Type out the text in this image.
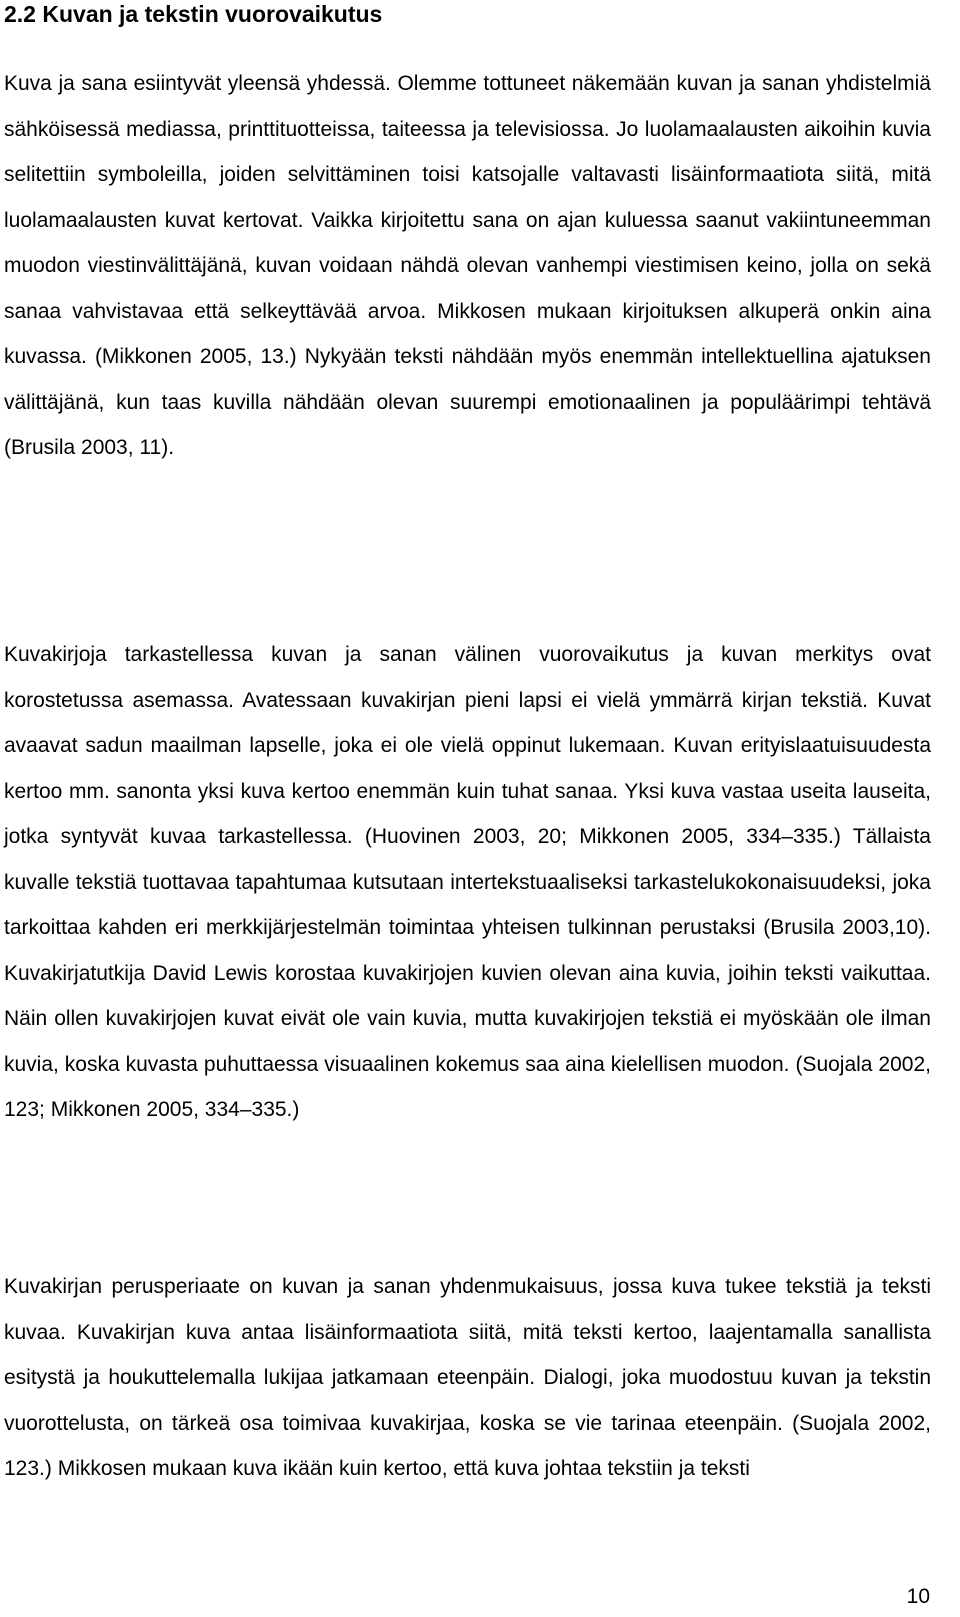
2.2 Kuvan ja tekstin vuorovaikutus

Kuva ja sana esiintyvät yleensä yhdessä. Olemme tottuneet näkemään kuvan ja sanan yhdistelmiä sähköisessä mediassa, printtituotteissa, taiteessa ja televisiossa. Jo luolamaalausten aikoihin kuvia selitettiin symboleilla, joiden selvittäminen toisi katsojalle valtavasti lisäinformaatiota siitä, mitä luolamaalausten kuvat kertovat. Vaikka kirjoitettu sana on ajan kuluessa saanut vakiintuneemman muodon viestinvälittäjänä, kuvan voidaan nähdä olevan vanhempi viestimisen keino, jolla on sekä sanaa vahvistavaa että selkeyttävää arvoa. Mikkosen mukaan kirjoituksen alkuperä onkin aina kuvassa. (Mikkonen 2005, 13.) Nykyään teksti nähdään myös enemmän intellektuellina ajatuksen välittäjänä, kun taas kuvilla nähdään olevan suurempi emotionaalinen ja populäärimpi tehtävä (Brusila 2003, 11).

Kuvakirjoja tarkastellessa kuvan ja sanan välinen vuorovaikutus ja kuvan merkitys ovat korostetussa asemassa. Avatessaan kuvakirjan pieni lapsi ei vielä ymmärrä kirjan tekstiä. Kuvat avaavat sadun maailman lapselle, joka ei ole vielä oppinut lukemaan. Kuvan erityislaatuisuudesta kertoo mm. sanonta yksi kuva kertoo enemmän kuin tuhat sanaa. Yksi kuva vastaa useita lauseita, jotka syntyvät kuvaa tarkastellessa. (Huovinen 2003, 20; Mikkonen 2005, 334–335.) Tällaista kuvalle tekstiä tuottavaa tapahtumaa kutsutaan intertekstuaaliseksi tarkastelukokonaisuudeksi, joka tarkoittaa kahden eri merkkijärjestelmän toimintaa yhteisen tulkinnan perustaksi (Brusila 2003,10). Kuvakirjatutkija David Lewis korostaa kuvakirjojen kuvien olevan aina kuvia, joihin teksti vaikuttaa. Näin ollen kuvakirjojen kuvat eivät ole vain kuvia, mutta kuvakirjojen tekstiä ei myöskään ole ilman kuvia, koska kuvasta puhuttaessa visuaalinen kokemus saa aina kielellisen muodon. (Suojala 2002, 123; Mikkonen 2005, 334–335.)

Kuvakirjan perusperiaate on kuvan ja sanan yhdenmukaisuus, jossa kuva tukee tekstiä ja teksti kuvaa. Kuvakirjan kuva antaa lisäinformaatiota siitä, mitä teksti kertoo, laajentamalla sanallista esitystä ja houkuttelemalla lukijaa jatkamaan eteenpäin. Dialogi, joka muodostuu kuvan ja tekstin vuorottelusta, on tärkeä osa toimivaa kuvakirjaa, koska se vie tarinaa eteenpäin. (Suojala 2002, 123.) Mikkosen mukaan kuva ikään kuin kertoo, että kuva johtaa tekstiin ja teksti

10
